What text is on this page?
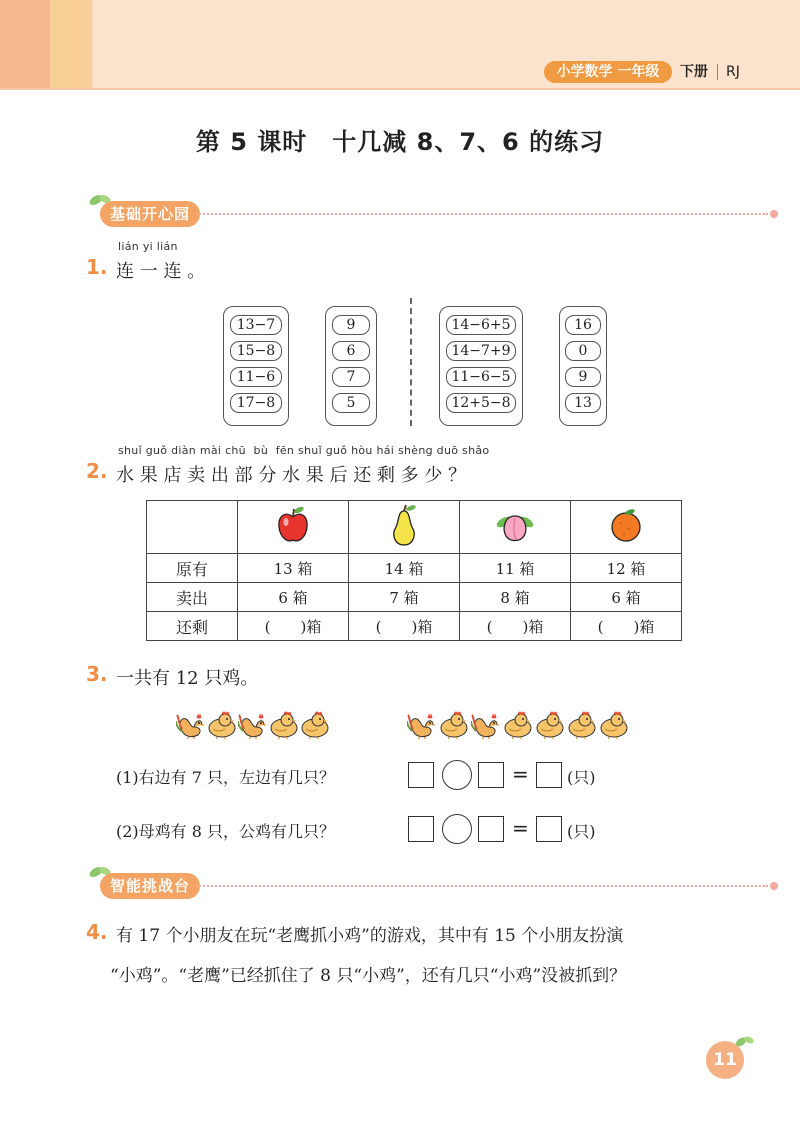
小学数学 一年级	下册 RJ
第 5 课时　十几减 8、7、6 的练习
基础开心园
lián yi lián
1. 连 一 连 。
13−7
15−8
11−6
17−8
9
6
7
5
14−6+5
14−7+9
11−6−5
12+5−8
16
0
9
13
shuǐ guǒ diàn mài chū  bù  fēn shuǐ guǒ hòu hái shèng duō shǎo
2. 水 果 店 卖 出 部 分 水 果 后 还 剩 多 少 ？

原有	13 箱	14 箱	11 箱	12 箱
卖出	6 箱	7 箱	8 箱	6 箱
还剩	(　　)箱	(　　)箱	(　　)箱	(　　)箱
3. 一共有 12 只鸡。
(1)右边有 7 只，左边有几只？	= (只)
(2)母鸡有 8 只，公鸡有几只？	= (只)
智能挑战台
4. 有 17 个小朋友在玩“老鹰抓小鸡”的游戏，其中有 15 个小朋友扮演
“小鸡”。“老鹰”已经抓住了 8 只“小鸡”，还有几只“小鸡”没被抓到？
11
